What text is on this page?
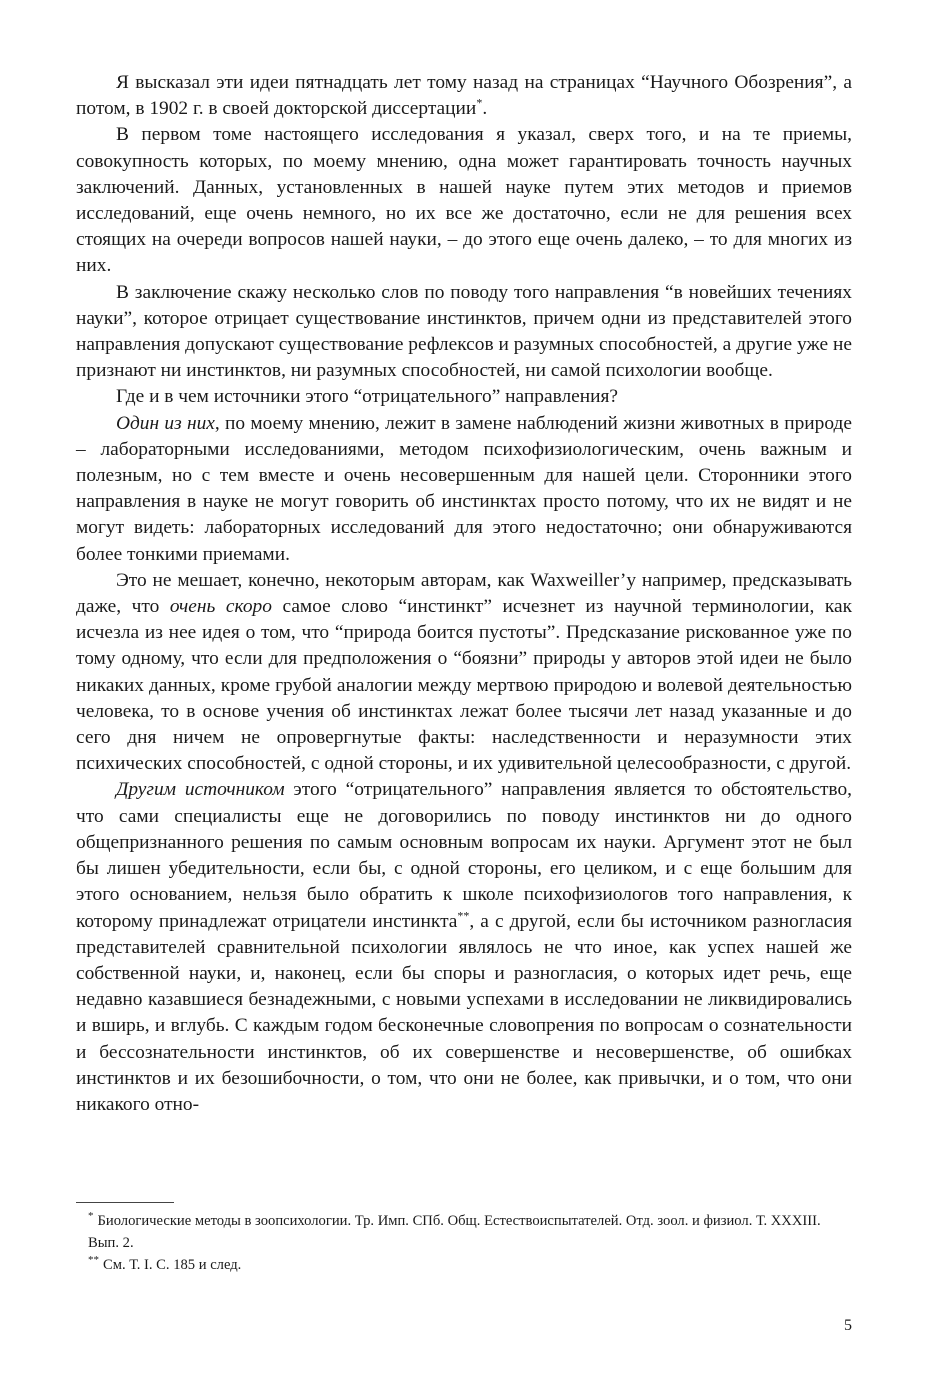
Я высказал эти идеи пятнадцать лет тому назад на страницах “Научного Обозрения”, а потом, в 1902 г. в своей докторской диссертации*.

В первом томе настоящего исследования я указал, сверх того, и на те приемы, совокупность которых, по моему мнению, одна может гарантировать точность научных заключений. Данных, установленных в нашей науке путем этих методов и приемов исследований, еще очень немного, но их все же достаточно, если не для решения всех стоящих на очереди вопросов нашей науки, – до этого еще очень далеко, – то для многих из них.

В заключение скажу несколько слов по поводу того направления “в новейших течениях науки”, которое отрицает существование инстинктов, причем одни из представителей этого направления допускают существование рефлексов и разумных способностей, а другие уже не признают ни инстинктов, ни разумных способностей, ни самой психологии вообще.

Где и в чем источники этого “отрицательного” направления?

Один из них, по моему мнению, лежит в замене наблюдений жизни животных в природе – лабораторными исследованиями, методом психофизиологическим, очень важным и полезным, но с тем вместе и очень несовершенным для нашей цели. Сторонники этого направления в науке не могут говорить об инстинктах просто потому, что их не видят и не могут видеть: лабораторных исследований для этого недостаточно; они обнаруживаются более тонкими приемами.

Это не мешает, конечно, некоторым авторам, как Waxweiller’у например, предсказывать даже, что очень скоро самое слово “инстинкт” исчезнет из научной терминологии, как исчезла из нее идея о том, что “природа боится пустоты”. Предсказание рискованное уже по тому одному, что если для предположения о “боязни” природы у авторов этой идеи не было никаких данных, кроме грубой аналогии между мертвою природою и волевой деятельностью человека, то в основе учения об инстинктах лежат более тысячи лет назад указанные и до сего дня ничем не опровергнутые факты: наследственности и неразумности этих психических способностей, с одной стороны, и их удивительной целесообразности, с другой.

Другим источником этого “отрицательного” направления является то обстоятельство, что сами специалисты еще не договорились по поводу инстинктов ни до одного общепризнанного решения по самым основным вопросам их науки. Аргумент этот не был бы лишен убедительности, если бы, с одной стороны, его целиком, и с еще большим для этого основанием, нельзя было обратить к школе психофизиологов того направления, к которому принадлежат отрицатели инстинкта**, а с другой, если бы источником разногласия представителей сравнительной психологии являлось не что иное, как успех нашей же собственной науки, и, наконец, если бы споры и разногласия, о которых идет речь, еще недавно казавшиеся безнадежными, с новыми успехами в исследовании не ликвидировались и вширь, и вглубь. С каждым годом бесконечные словопрения по вопросам о сознательности и бессознательности инстинктов, об их совершенстве и несовершенстве, об ошибках инстинктов и их безошибочности, о том, что они не более, как привычки, и о том, что они никакого отно-

* Биологические методы в зоопсихологии. Тр. Имп. СПб. Общ. Естествоиспытателей. Отд. зоол. и физиол. Т. XXXIII. Вып. 2.

** См. Т. I. С. 185 и след.

5
